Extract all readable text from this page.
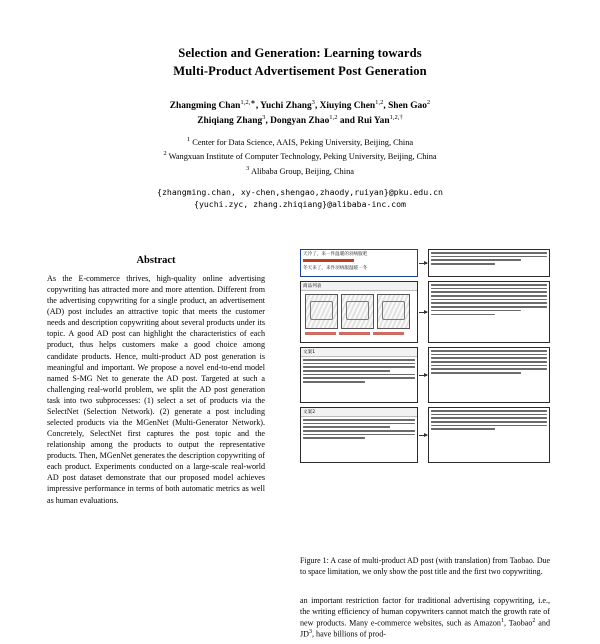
Selection and Generation: Learning towards
Multi-Product Advertisement Post Generation
Zhangming Chan$^{1,2,∗}$, Yuchi Zhang$^3$, Xiuying Chen$^{1,2}$, Shen Gao$^2$
Zhiqiang Zhang$^3$, Dongyan Zhao$^{1,2}$ and Rui Yan$^{1,2,\dagger}$
$^1$ Center for Data Science, AAIS, Peking University, Beijing, China
$^2$ Wangxuan Institute of Computer Technology, Peking University, Beijing, China
$^3$ Alibaba Group, Beijing, China
{zhangming.chan, xy-chen,shengao,zhaody,ruiyan}@pku.edu.cn
{yuchi.zyc, zhang.zhiqiang}@alibaba-inc.com
Abstract
As the E-commerce thrives, high-quality online advertising copywriting has attracted more and more attention. Different from the advertising copywriting for a single product, an advertisement (AD) post includes an attractive topic that meets the customer needs and description copywriting about several products under its topic. A good AD post can highlight the characteristics of each product, thus helps customers make a good choice among candidate products. Hence, multi-product AD post generation is meaningful and important. We propose a novel end-to-end model named S-MG Net to generate the AD post. Targeted at such a challenging real-world problem, we split the AD post generation task into two subprocesses: (1) select a set of products via the SelectNet (Selection Network). (2) generate a post including selected products via the MGenNet (Multi-Generator Network). Concretely, SelectNet first captures the post topic and the relationship among the products to output the representative products. Then, MGenNet generates the description copywriting of each product. Experiments conducted on a large-scale real-world AD post dataset demonstrate that our proposed model achieves impressive performance in terms of both automatic metrics as well as human evaluations.
天冷了，来一件温暖的羽绒服吧
冬天来了，来件羽绒服温暖一冬
商品列表
文案1
文案2
Figure 1: A case of multi-product AD post (with translation) from Taobao. Due to space limitation, we only show the post title and the first two copywriting.
an important restriction factor for traditional advertising copywriting, i.e., the writing efficiency of human copywriters cannot match the growth rate of new products. Many e-commerce websites, such as Amazon$^1$, Taobao$^2$ and $JD^3$, have billions of prod-
